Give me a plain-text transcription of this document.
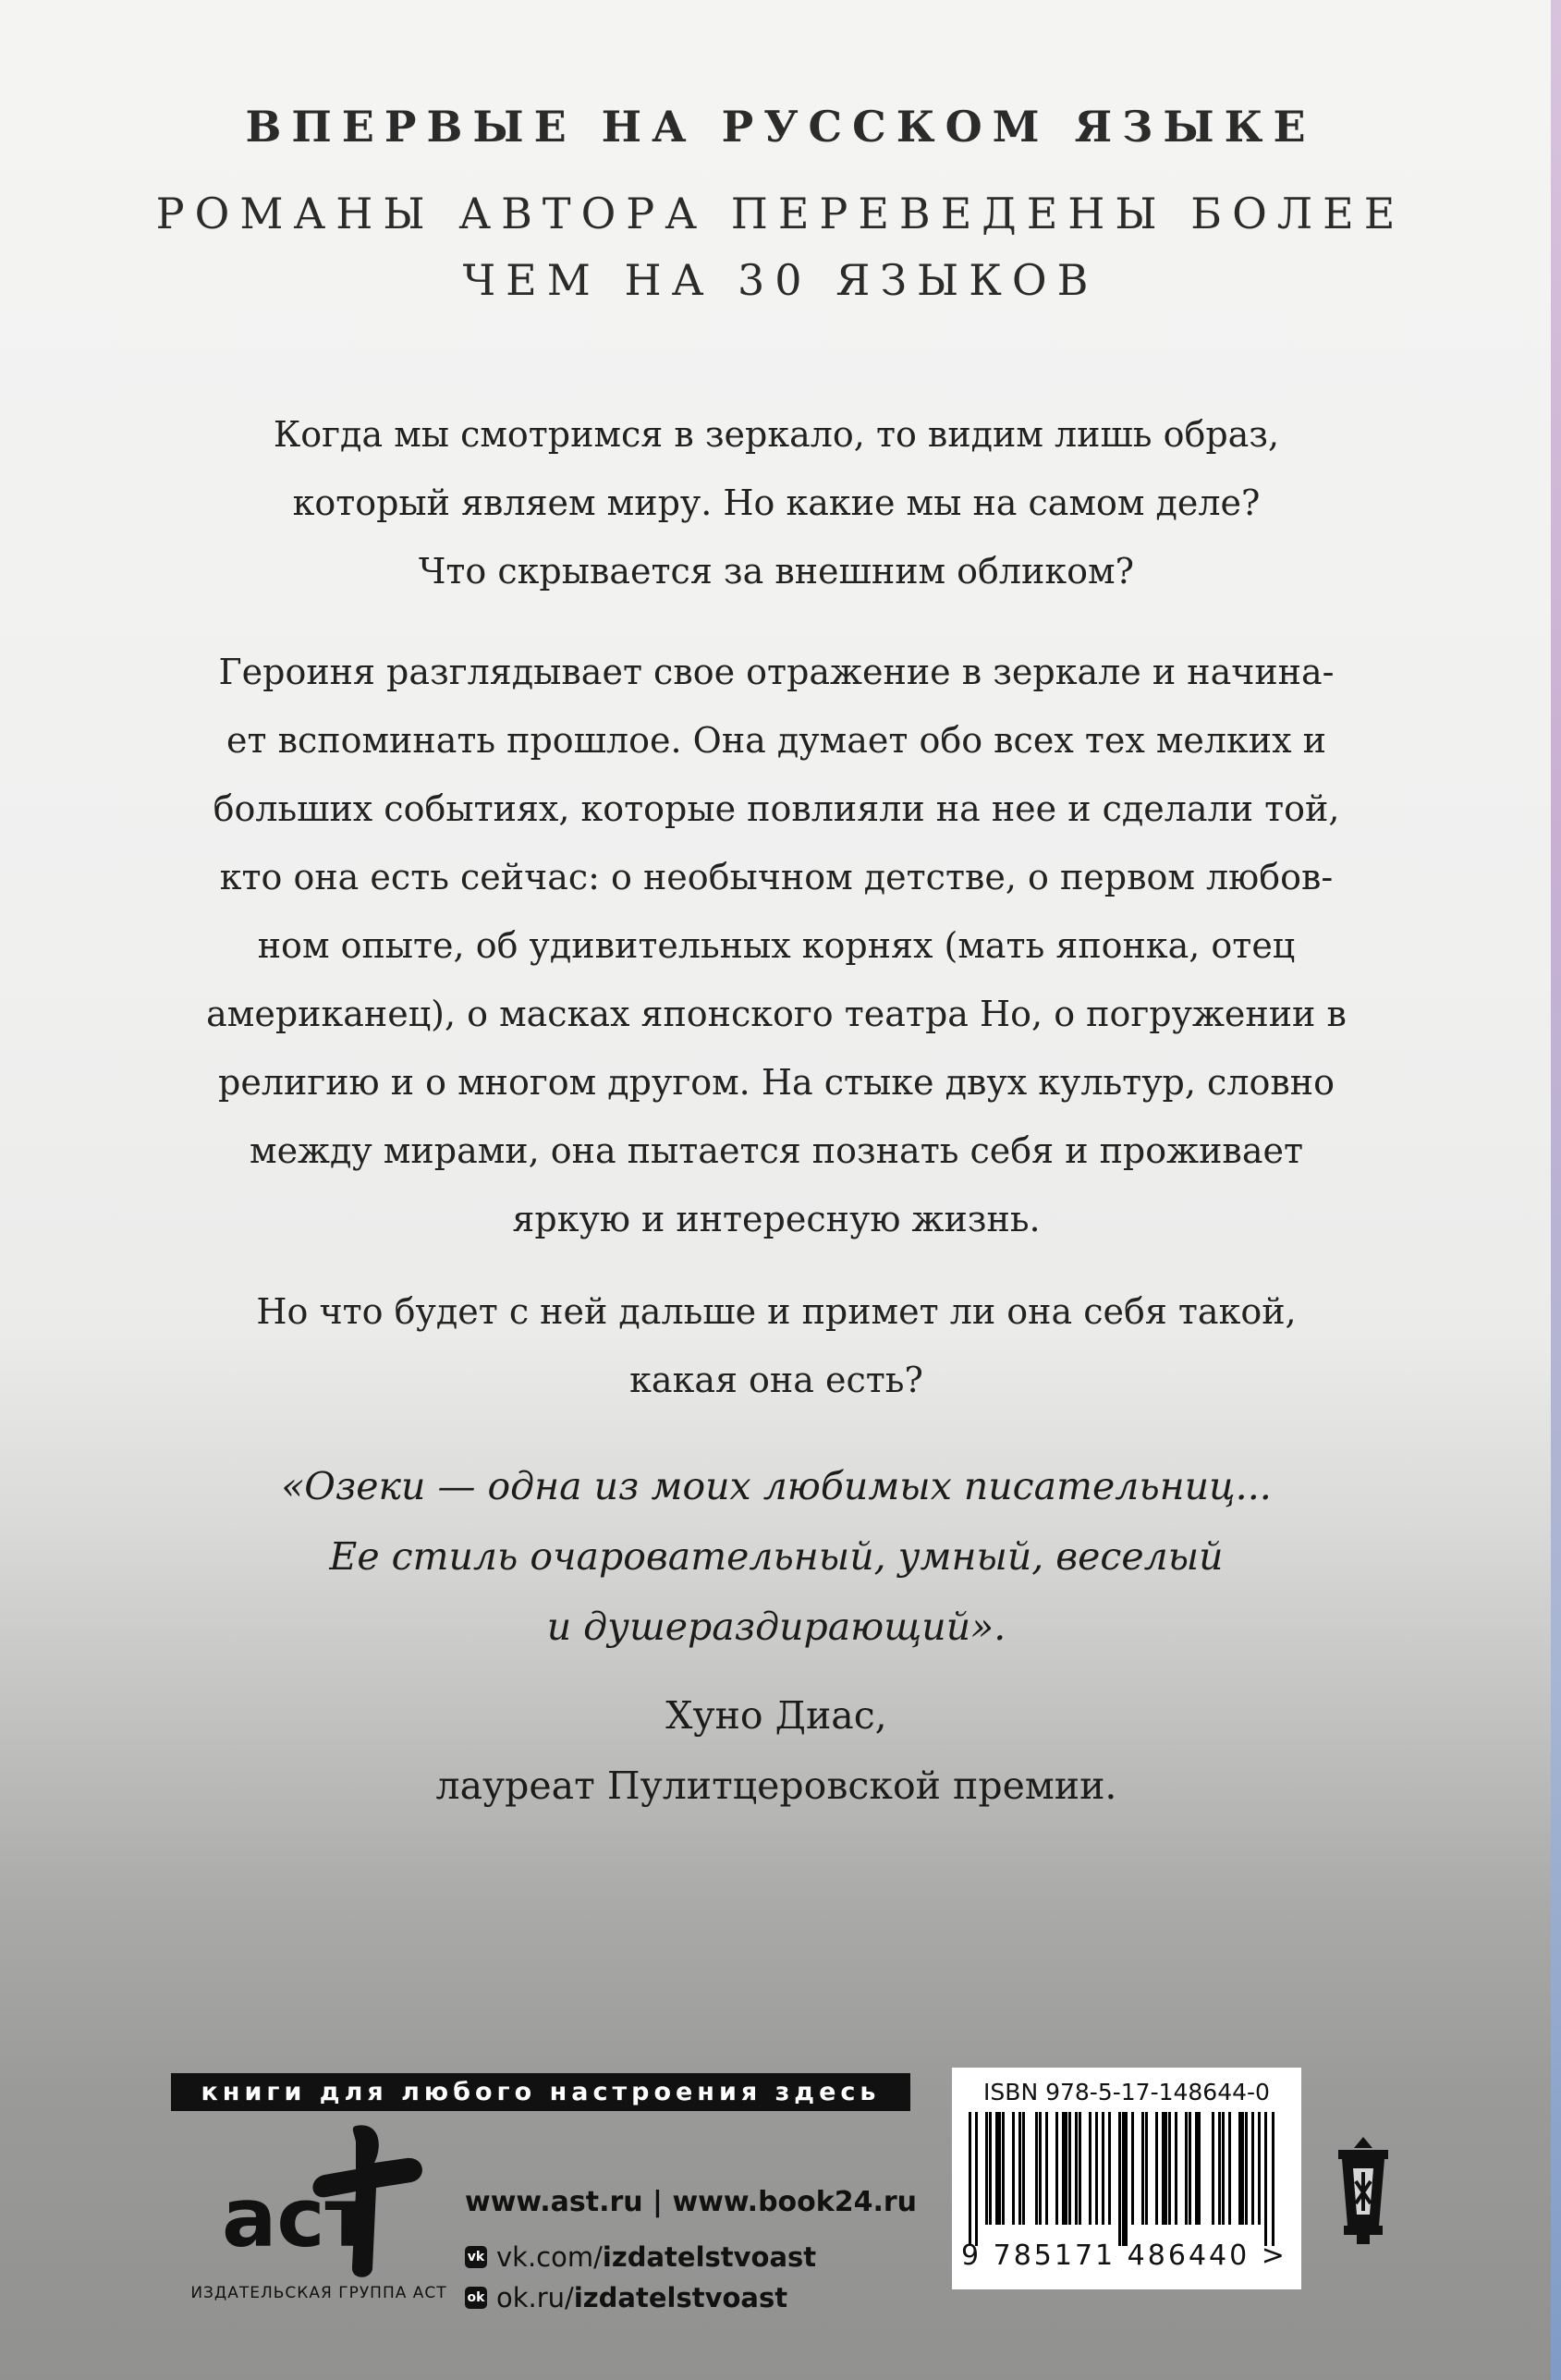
ВПЕРВЫЕ НА РУССКОМ ЯЗЫКЕ
РОМАНЫ АВТОРА ПЕРЕВЕДЕНЫ БОЛЕЕ
ЧЕМ НА 30 ЯЗЫКОВ
Когда мы смотримся в зеркало, то видим лишь образ,
который являем миру. Но какие мы на самом деле?
Что скрывается за внешним обликом?
Героиня разглядывает свое отражение в зеркале и начина-
ет вспоминать прошлое. Она думает обо всех тех мелких и
больших событиях, которые повлияли на нее и сделали той,
кто она есть сейчас: о необычном детстве, о первом любов-
ном опыте, об удивительных корнях (мать японка, отец
американец), о масках японского театра Но, о погружении в
религию и о многом другом. На стыке двух культур, словно
между мирами, она пытается познать себя и проживает
яркую и интересную жизнь.
Но что будет с ней дальше и примет ли она себя такой,
какая она есть?
«Озеки — одна из моих любимых писательниц...
Ее стиль очаровательный, умный, веселый
и душераздирающий».
Хуно Диас,
лауреат Пулитцеровской премии.
книги для любого настроения здесь
аст
ИЗДАТЕЛЬСКАЯ ГРУППА АСТ
www.ast.ru | www.book24.ru
vk vk.com/ izdatelstvoast
ok ok.ru/ izdatelstvoast
ISBN 978-5-17-148644-0
9 785171 486440 >
